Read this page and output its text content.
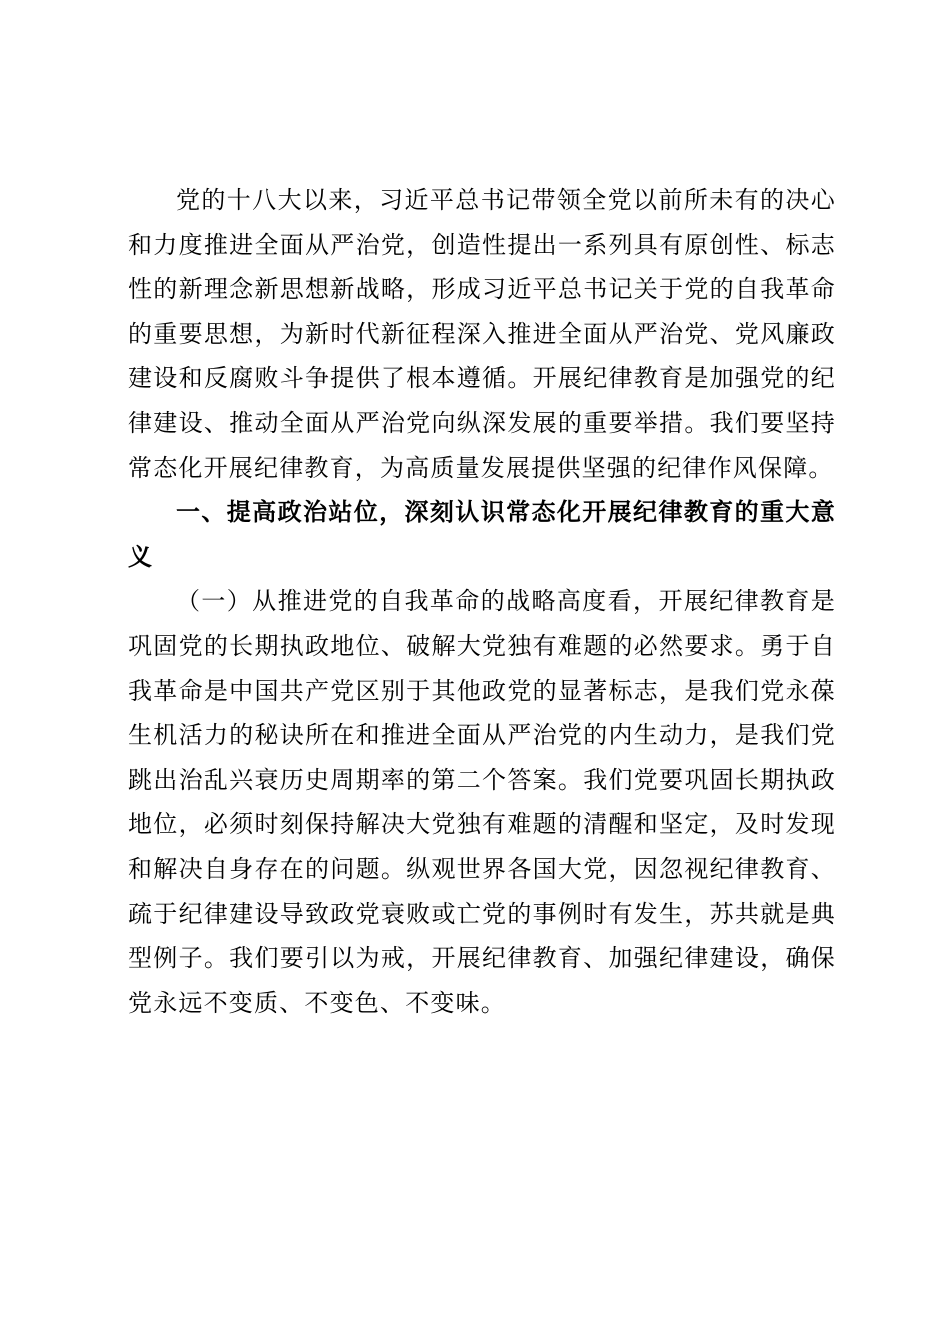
党的十八大以来，习近平总书记带领全党以前所未有的决心和力度推进全面从严治党，创造性提出一系列具有原创性、标志性的新理念新思想新战略，形成习近平总书记关于党的自我革命的重要思想，为新时代新征程深入推进全面从严治党、党风廉政建设和反腐败斗争提供了根本遵循。开展纪律教育是加强党的纪律建设、推动全面从严治党向纵深发展的重要举措。我们要坚持常态化开展纪律教育，为高质量发展提供坚强的纪律作风保障。

一、提高政治站位，深刻认识常态化开展纪律教育的重大意义

（一）从推进党的自我革命的战略高度看，开展纪律教育是巩固党的长期执政地位、破解大党独有难题的必然要求。勇于自我革命是中国共产党区别于其他政党的显著标志，是我们党永葆生机活力的秘诀所在和推进全面从严治党的内生动力，是我们党跳出治乱兴衰历史周期率的第二个答案。我们党要巩固长期执政地位，必须时刻保持解决大党独有难题的清醒和坚定，及时发现和解决自身存在的问题。纵观世界各国大党，因忽视纪律教育、疏于纪律建设导致政党衰败或亡党的事例时有发生，苏共就是典型例子。我们要引以为戒，开展纪律教育、加强纪律建设，确保党永远不变质、不变色、不变味。
